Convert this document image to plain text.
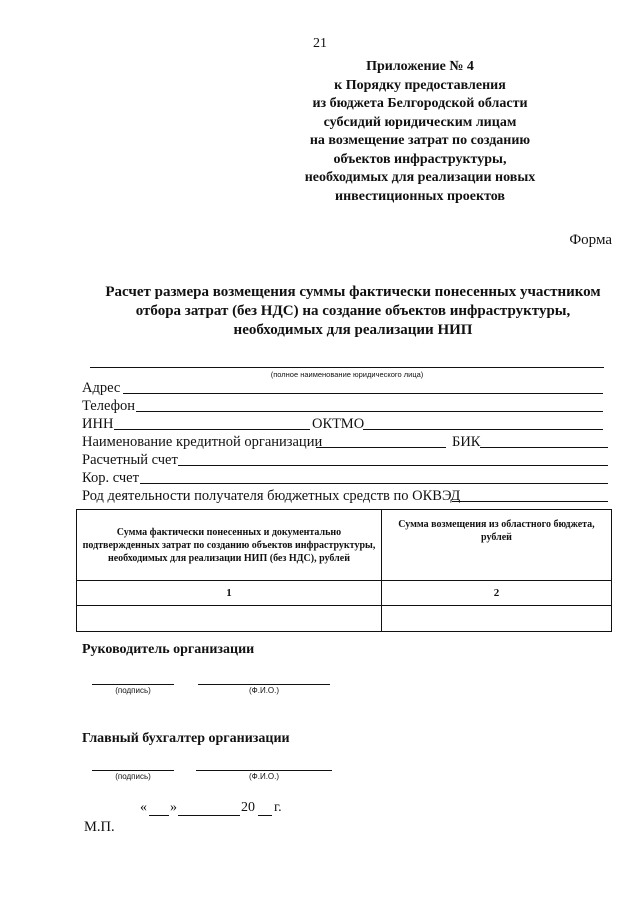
21
Приложение № 4
к Порядку предоставления
из бюджета Белгородской области
субсидий юридическим лицам
на возмещение затрат по созданию
объектов инфраструктуры,
необходимых для реализации новых
инвестиционных проектов
Форма
Расчет размера возмещения суммы фактически понесенных участником
отбора затрат (без НДС) на создание объектов инфраструктуры,
необходимых для реализации НИП
(полное наименование юридического лица)
Адрес
Телефон
ИНН	ОКТМО
Наименование кредитной организации	БИК
Расчетный счет
Кор. счет
Род деятельности получателя бюджетных средств по ОКВЭД
Сумма фактически понесенных и документально подтвержденных затрат по созданию объектов инфраструктуры, необходимых для реализации НИП (без НДС), рублей	Сумма возмещения из областного бюджета, рублей
1	2

Руководитель организации
(подпись)	(Ф.И.О.)
Главный бухгалтер организации
(подпись)	(Ф.И.О.)
« »	20 г.
М.П.
